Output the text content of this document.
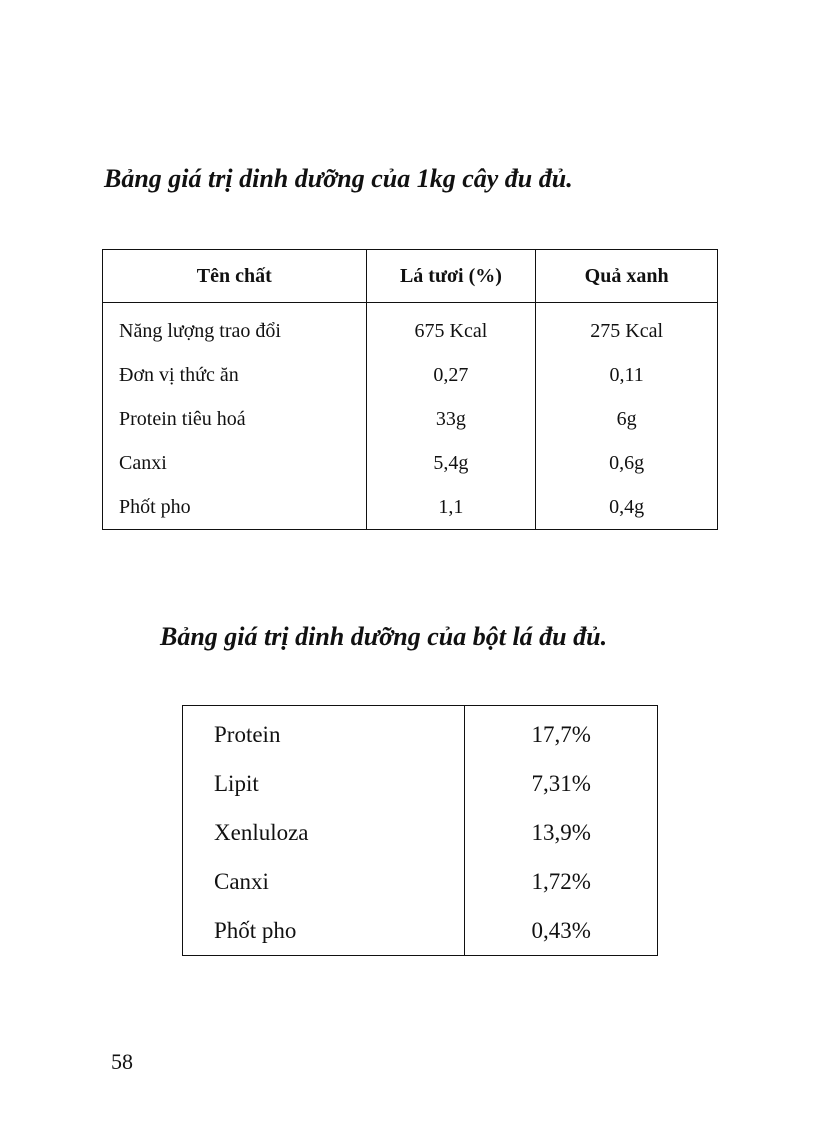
Bảng giá trị dinh dưỡng của 1kg cây đu đủ.
Tên chất	Lá tươi (%)	Quả xanh
Năng lượng trao đổi	675 Kcal	275 Kcal
Đơn vị thức ăn	0,27	0,11
Protein tiêu hoá	33g	6g
Canxi	5,4g	0,6g
Phốt pho	1,1	0,4g
Bảng giá trị dinh dưỡng của bột lá đu đủ.
Protein	17,7%
Lipit	7,31%
Xenluloza	13,9%
Canxi	1,72%
Phốt pho	0,43%
58
